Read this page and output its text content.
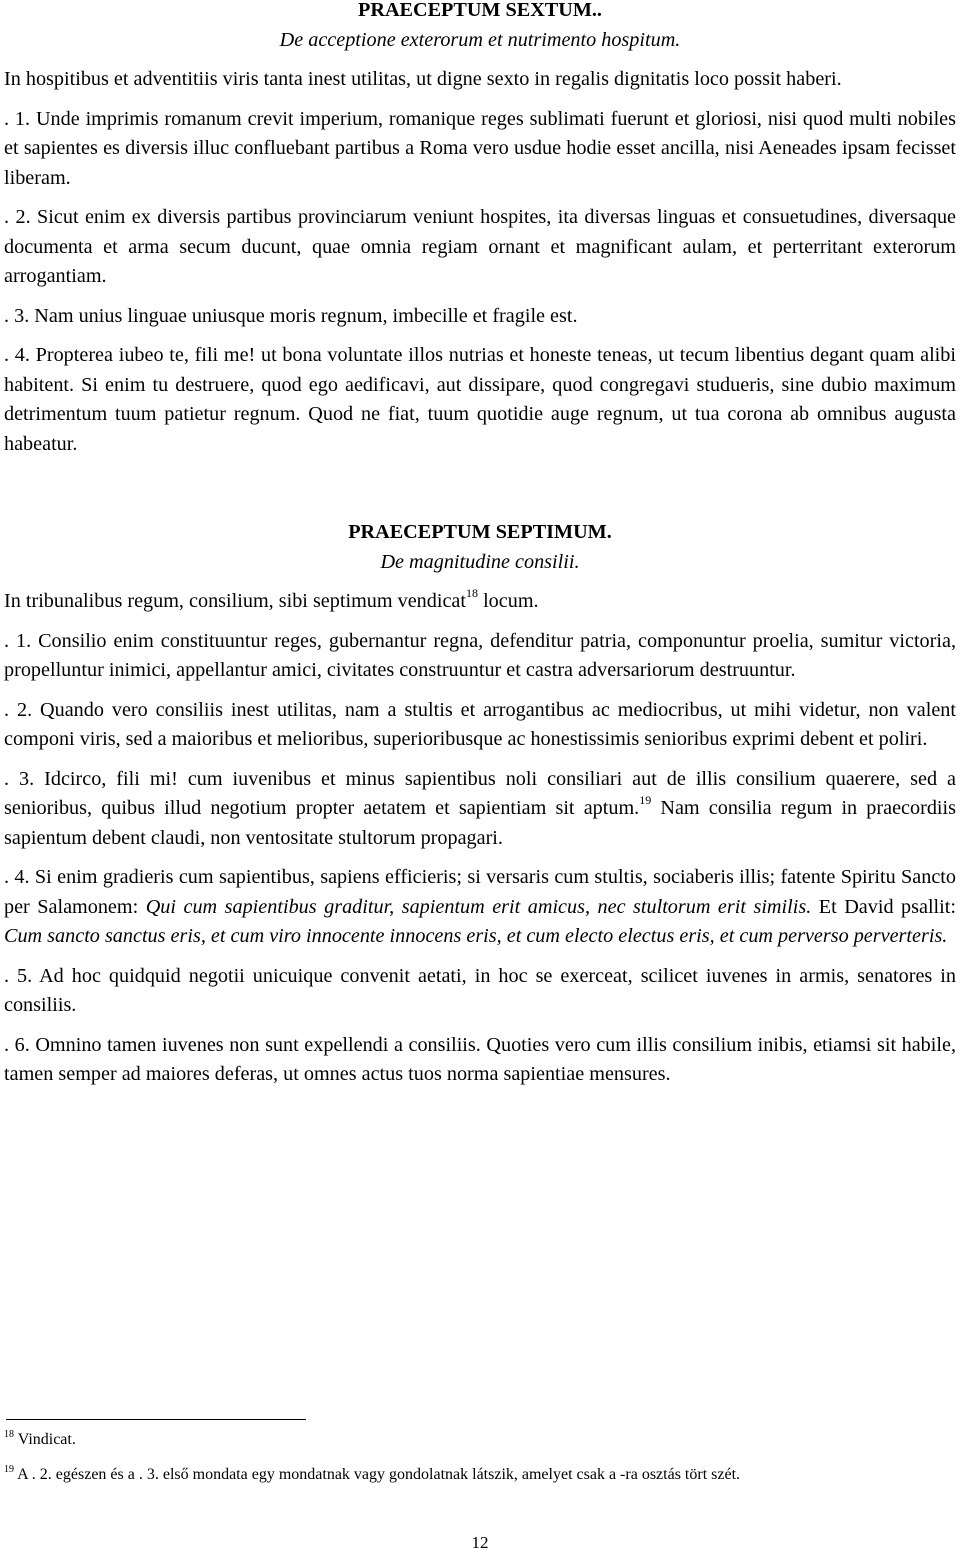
PRAECEPTUM SEXTUM..

De acceptione exterorum et nutrimento hospitum.

In hospitibus et adventitiis viris tanta inest utilitas, ut digne sexto in regalis dignitatis loco possit haberi.

. 1. Unde imprimis romanum crevit imperium, romanique reges sublimati fuerunt et gloriosi, nisi quod multi nobiles et sapientes es diversis illuc confluebant partibus a Roma vero usdue hodie esset ancilla, nisi Aeneades ipsam fecisset liberam.

. 2. Sicut enim ex diversis partibus provinciarum veniunt hospites, ita diversas linguas et consuetudines, diversaque documenta et arma secum ducunt, quae omnia regiam ornant et magnificant aulam, et perterritant exterorum arrogantiam.

. 3. Nam unius linguae uniusque moris regnum, imbecille et fragile est.

. 4. Propterea iubeo te, fili me! ut bona voluntate illos nutrias et honeste teneas, ut tecum libentius degant quam alibi habitent. Si enim tu destruere, quod ego aedificavi, aut dissipare, quod congregavi studueris, sine dubio maximum detrimentum tuum patietur regnum. Quod ne fiat, tuum quotidie auge regnum, ut tua corona ab omnibus augusta habeatur.

PRAECEPTUM SEPTIMUM.

De magnitudine consilii.

In tribunalibus regum, consilium, sibi septimum vendicat$^{18}$ locum.

. 1. Consilio enim constituuntur reges, gubernantur regna, defenditur patria, componuntur proelia, sumitur victoria, propelluntur inimici, appellantur amici, civitates construuntur et castra adversariorum destruuntur.

. 2. Quando vero consiliis inest utilitas, nam a stultis et arrogantibus ac mediocribus, ut mihi videtur, non valent componi viris, sed a maioribus et melioribus, superioribusque ac honestissimis senioribus exprimi debent et poliri.

. 3. Idcirco, fili mi! cum iuvenibus et minus sapientibus noli consiliari aut de illis consilium quaerere, sed a senioribus, quibus illud negotium propter aetatem et sapientiam sit aptum.$^{19}$ Nam consilia regum in praecordiis sapientum debent claudi, non ventositate stultorum propagari.

. 4. Si enim gradieris cum sapientibus, sapiens efficieris; si versaris cum stultis, sociaberis illis; fatente Spiritu Sancto per Salamonem: Qui cum sapientibus graditur, sapientum erit amicus, nec stultorum erit similis. Et David psallit: Cum sancto sanctus eris, et cum viro innocente innocens eris, et cum electo electus eris, et cum perverso perverteris.

. 5. Ad hoc quidquid negotii unicuique convenit aetati, in hoc se exerceat, scilicet iuvenes in armis, senatores in consiliis.

. 6. Omnino tamen iuvenes non sunt expellendi a consiliis. Quoties vero cum illis consilium inibis, etiamsi sit habile, tamen semper ad maiores deferas, ut omnes actus tuos norma sapientiae mensures.

$^{18}$ Vindicat.
$^{19}$ A . 2. egészen és a . 3. első mondata egy mondatnak vagy gondolatnak látszik, amelyet csak a -ra osztás tört szét.
12
